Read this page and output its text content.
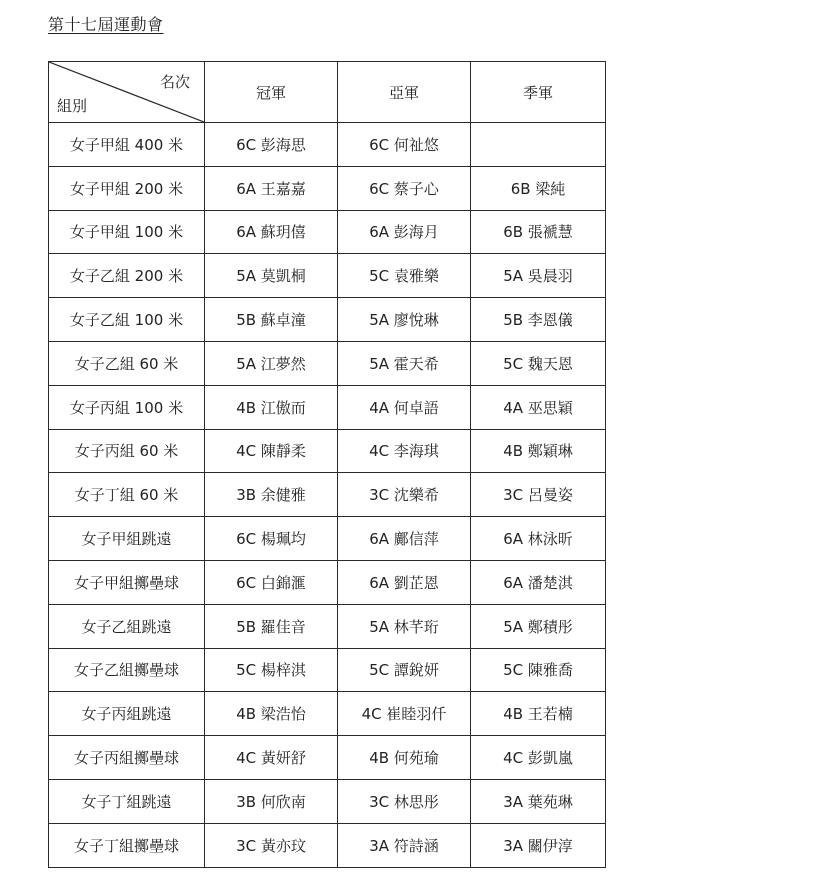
第十七屆運動會
名次
組別	冠軍	亞軍	季軍
女子甲組 400 米	6C 彭海思	6C 何祉悠	
女子甲組 200 米	6A 王嘉嘉	6C 蔡子心	6B 梁純
女子甲組 100 米	6A 蘇玥僖	6A 彭海月	6B 張褫慧
女子乙組 200 米	5A 莫凱桐	5C 袁雅樂	5A 吳晨羽
女子乙組 100 米	5B 蘇卓潼	5A 廖悅琳	5B 李恩儀
女子乙組 60 米	5A 江夢然	5A 霍天希	5C 魏天恩
女子丙組 100 米	4B 江傲而	4A 何卓語	4A 巫思穎
女子丙組 60 米	4C 陳靜柔	4C 李海琪	4B 鄭穎琳
女子丁組 60 米	3B 余健雅	3C 沈樂希	3C 呂曼姿
女子甲組跳遠	6C 楊珮均	6A 鄺信萍	6A 林泳昕
女子甲組擲壘球	6C 白錦滙	6A 劉芷恩	6A 潘楚淇
女子乙組跳遠	5B 羅佳音	5A 林芊珩	5A 鄭積彤
女子乙組擲壘球	5C 楊梓淇	5C 譚銳妍	5C 陳雅喬
女子丙組跳遠	4B 梁浩怡	4C 崔睦羽仟	4B 王若楠
女子丙組擲壘球	4C 黃妍舒	4B 何苑瑜	4C 彭凱嵐
女子丁組跳遠	3B 何欣南	3C 林思彤	3A 葉苑琳
女子丁組擲壘球	3C 黃亦玟	3A 符詩涵	3A 關伊淳
